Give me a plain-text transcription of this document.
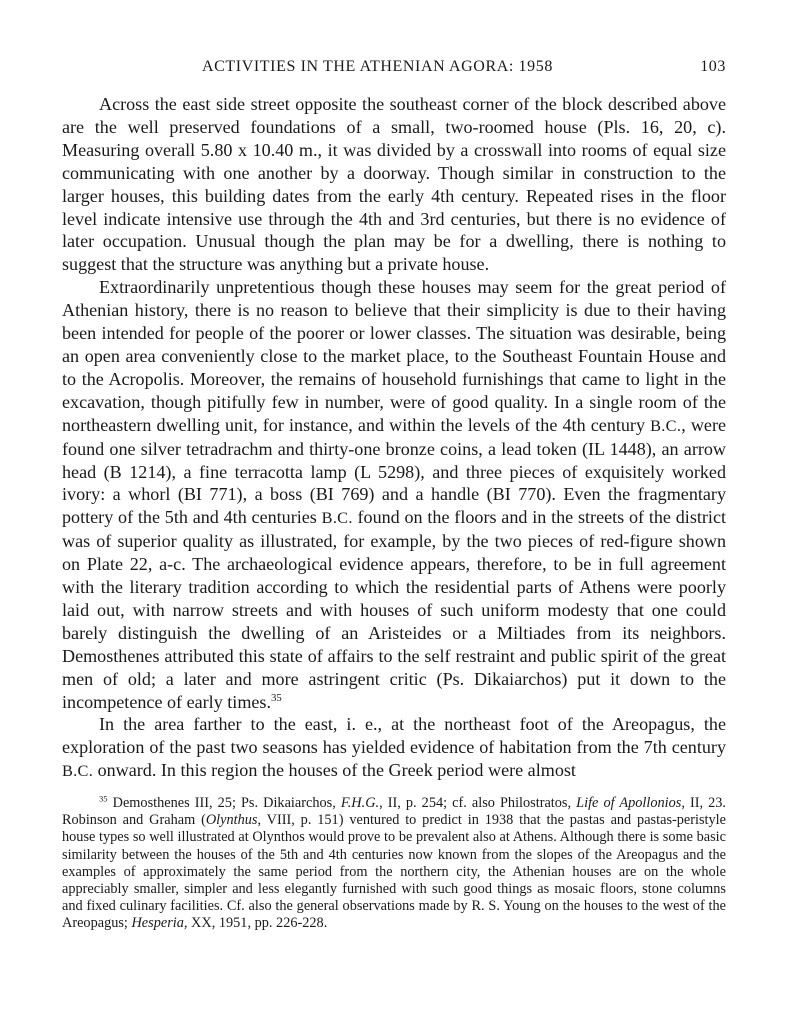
ACTIVITIES IN THE ATHENIAN AGORA: 1958	103

Across the east side street opposite the southeast corner of the block described above are the well preserved foundations of a small, two-roomed house (Pls. 16, 20, c). Measuring overall 5.80 x 10.40 m., it was divided by a crosswall into rooms of equal size communicating with one another by a doorway. Though similar in construction to the larger houses, this building dates from the early 4th century. Repeated rises in the floor level indicate intensive use through the 4th and 3rd centuries, but there is no evidence of later occupation. Unusual though the plan may be for a dwelling, there is nothing to suggest that the structure was anything but a private house.

Extraordinarily unpretentious though these houses may seem for the great period of Athenian history, there is no reason to believe that their simplicity is due to their having been intended for people of the poorer or lower classes. The situation was desirable, being an open area conveniently close to the market place, to the Southeast Fountain House and to the Acropolis. Moreover, the remains of household furnishings that came to light in the excavation, though pitifully few in number, were of good quality. In a single room of the northeastern dwelling unit, for instance, and within the levels of the 4th century B.C., were found one silver tetradrachm and thirty-one bronze coins, a lead token (IL 1448), an arrow head (B 1214), a fine terracotta lamp (L 5298), and three pieces of exquisitely worked ivory: a whorl (BI 771), a boss (BI 769) and a handle (BI 770). Even the fragmentary pottery of the 5th and 4th centuries B.C. found on the floors and in the streets of the district was of superior quality as illustrated, for example, by the two pieces of red-figure shown on Plate 22, a-c. The archaeological evidence appears, therefore, to be in full agreement with the literary tradition according to which the residential parts of Athens were poorly laid out, with narrow streets and with houses of such uniform modesty that one could barely distinguish the dwelling of an Aristeides or a Miltiades from its neighbors. Demosthenes attributed this state of affairs to the self restraint and public spirit of the great men of old; a later and more astringent critic (Ps. Dikaiarchos) put it down to the incompetence of early times.$^{35}$

In the area farther to the east, i. e., at the northeast foot of the Areopagus, the exploration of the past two seasons has yielded evidence of habitation from the 7th century B.C. onward. In this region the houses of the Greek period were almost

$^{35}$ Demosthenes III, 25; Ps. Dikaiarchos, F.H.G., II, p. 254; cf. also Philostratos, Life of Apollonios, II, 23. Robinson and Graham (Olynthus, VIII, p. 151) ventured to predict in 1938 that the pastas and pastas-peristyle house types so well illustrated at Olynthos would prove to be prevalent also at Athens. Although there is some basic similarity between the houses of the 5th and 4th centuries now known from the slopes of the Areopagus and the examples of approximately the same period from the northern city, the Athenian houses are on the whole appreciably smaller, simpler and less elegantly furnished with such good things as mosaic floors, stone columns and fixed culinary facilities. Cf. also the general observations made by R. S. Young on the houses to the west of the Areopagus; Hesperia, XX, 1951, pp. 226-228.
